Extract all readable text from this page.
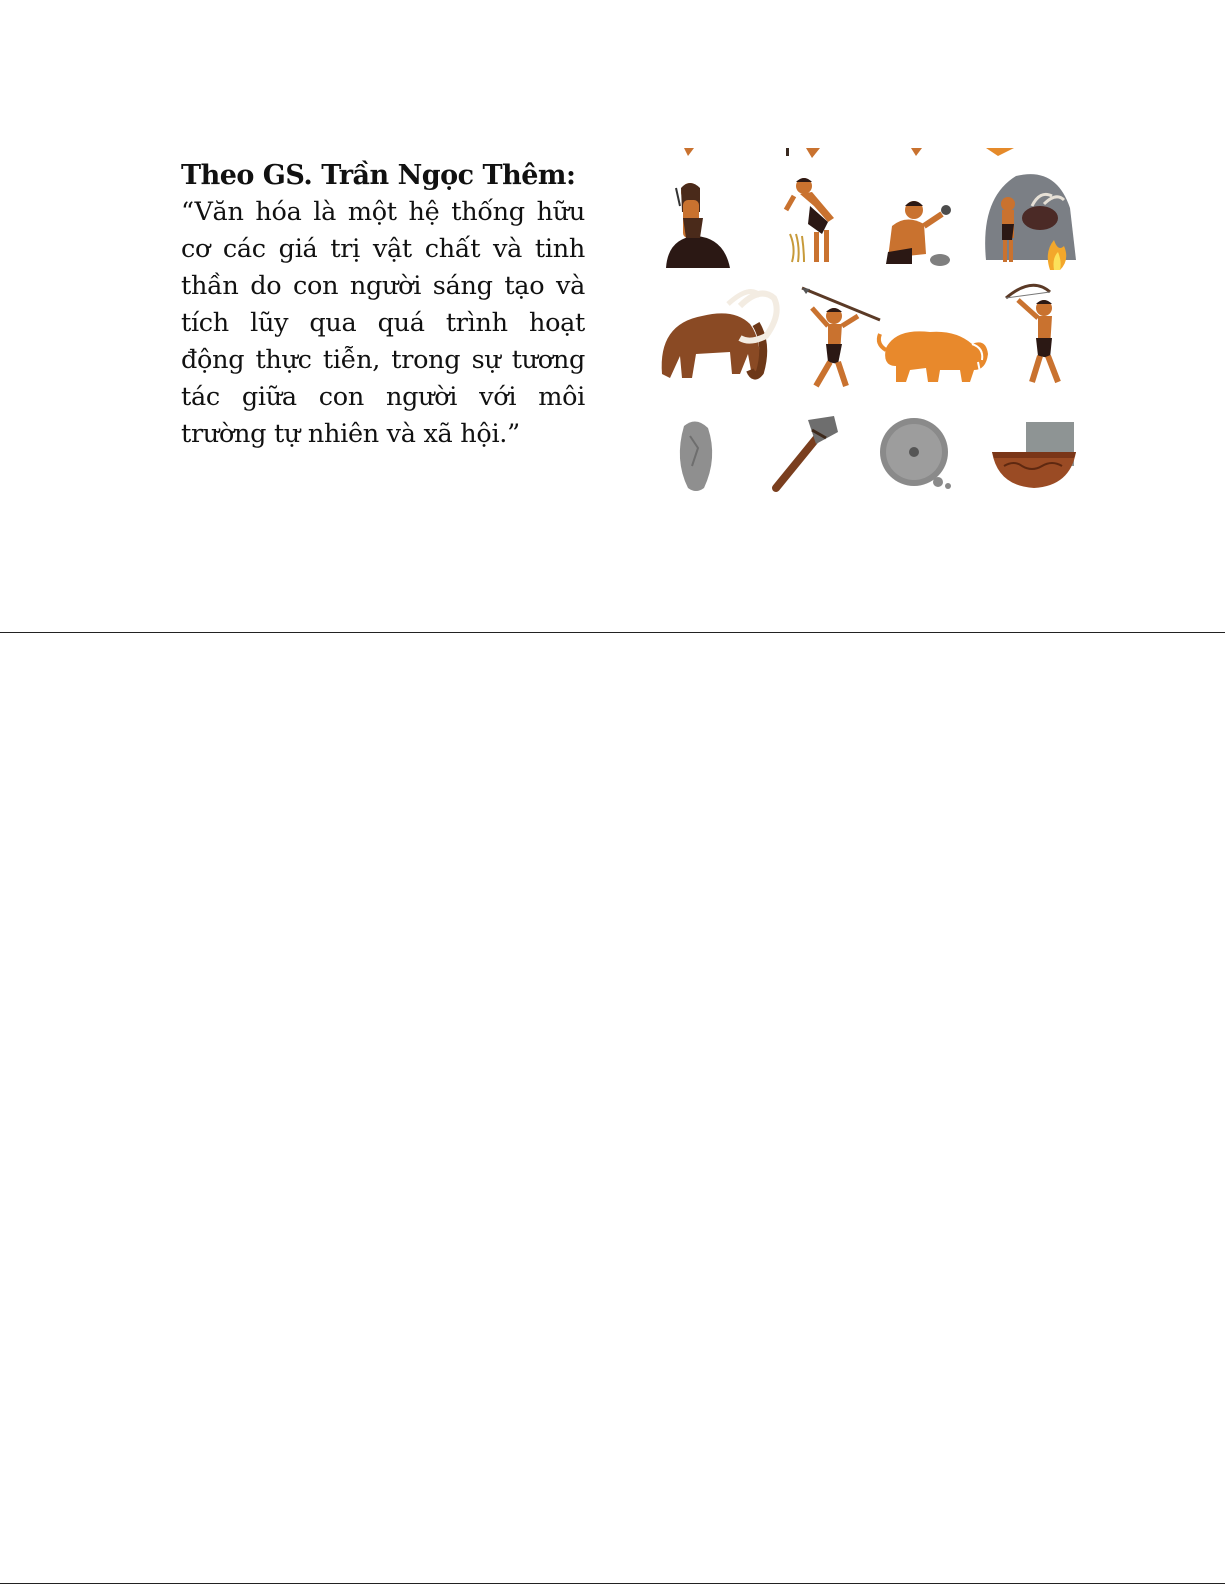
Theo GS. Trần Ngọc Thêm:

“Văn hóa là một hệ thống hữu cơ các giá trị vật chất và tinh thần do con người sáng tạo và tích lũy qua quá trình hoạt động thực tiễn, trong sự tương tác giữa con người với môi trường tự nhiên và xã hội.”
